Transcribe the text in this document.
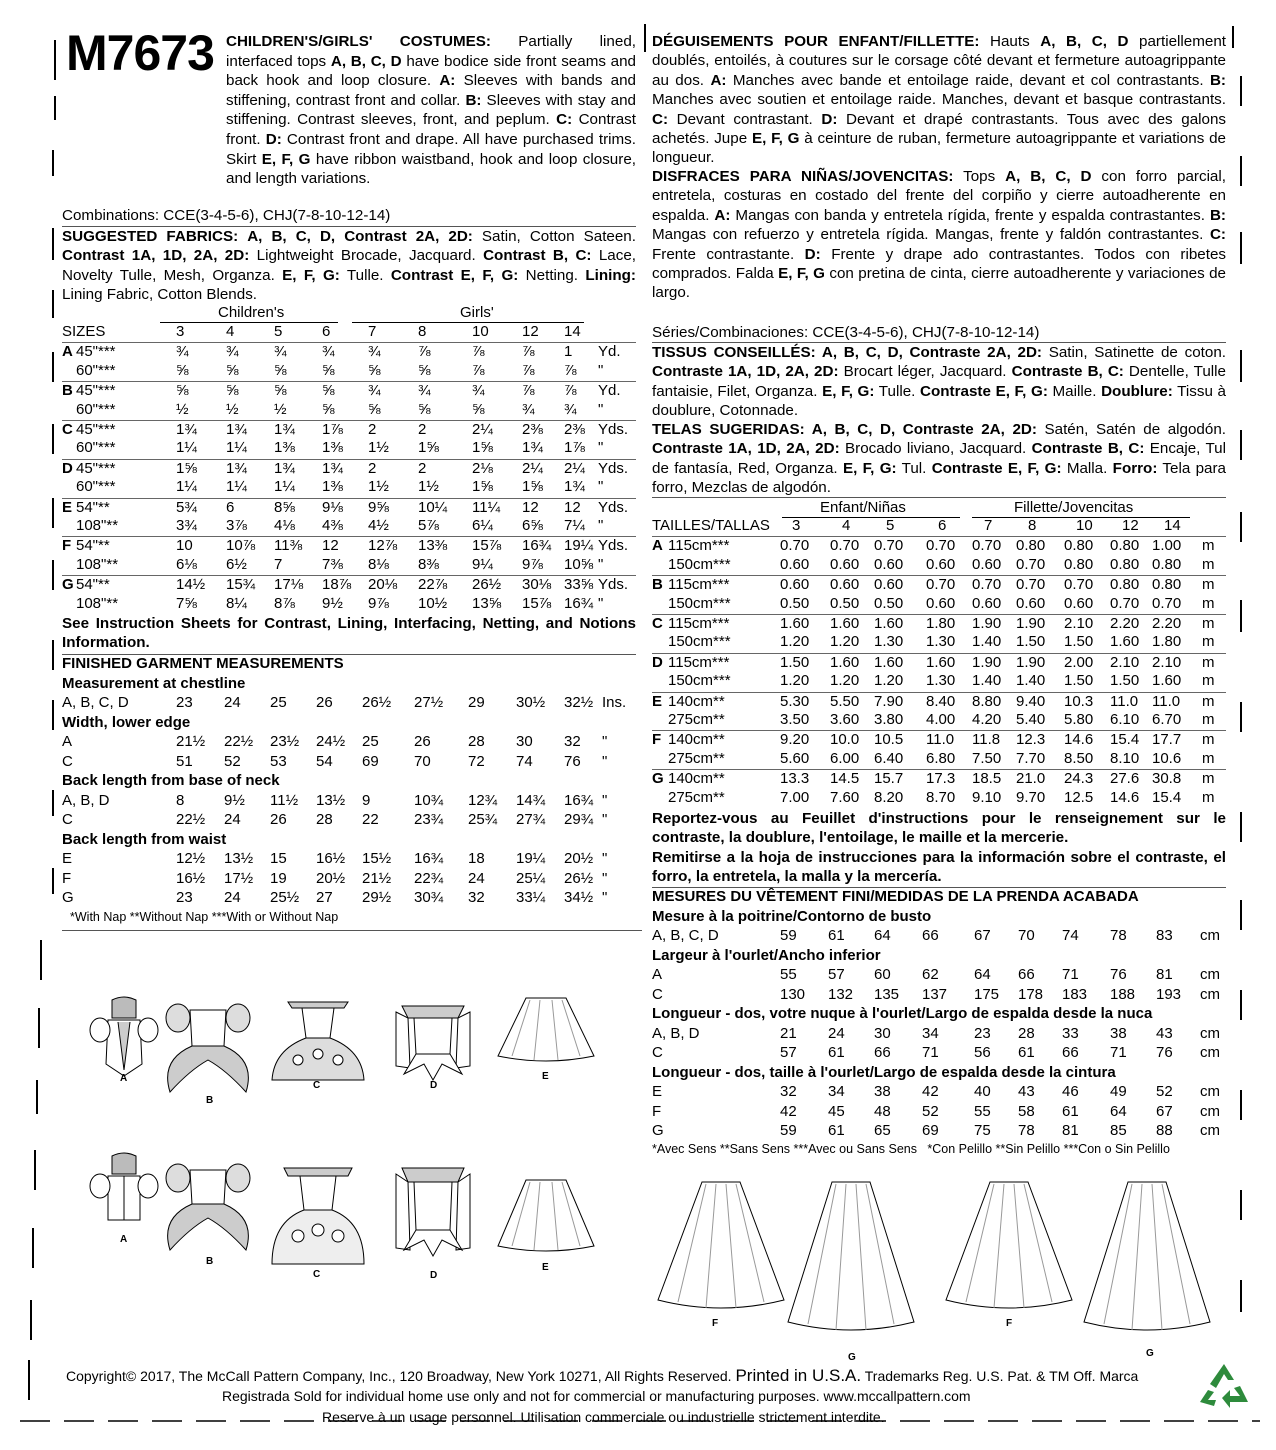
M7673 CHILDREN'S/GIRLS' COSTUMES: Partially lined, interfaced tops A, B, C, D have bodice side front seams and back hook and loop closure. A: Sleeves with bands and stiffening, contrast front and collar. B: Sleeves with stay and stiffening. Contrast sleeves, front, and peplum. C: Contrast front. D: Contrast front and drape. All have purchased trims. Skirt E, F, G have ribbon waistband, hook and loop closure, and length variations.
Combinations: CCE(3-4-5-6), CHJ(7-8-10-12-14)
SUGGESTED FABRICS: A, B, C, D, Contrast 2A, 2D: Satin, Cotton Sateen. Contrast 1A, 1D, 2A, 2D: Lightweight Brocade, Jacquard. Contrast B, C: Lace, Novelty Tulle, Mesh, Organza. E, F, G: Tulle. Contrast E, F, G: Netting. Lining: Lining Fabric, Cotton Blends.
Children's	Girls'
SIZES	3	4	5	6	7	8	10 12 14
A 45"***	¾ ¾ ¾ ¾ ¾ ⅞	⅞ ⅞ 1 Yd.
60"***	⅝ ⅝ ⅝ ⅝ ⅝ ⅝	⅞ ⅞ ⅞ "
B 45"***	⅝ ⅝ ⅝ ⅝ ¾ ¾	¾ ⅞ ⅞ Yd.
60"***	½ ½ ½ ⅝ ⅝ ⅝	⅝ ¾ ¾ "
C 45"***	1¾ 1¾ 1¾ 1⅞ 2	2	2¼ 2⅜ 2⅜ Yds.
60"***	1¼ 1¼ 1⅜ 1⅜ 1½ 1⅝ 1⅝ 1¾ 1⅞ "
D 45"***	1⅝ 1¾ 1¾ 1¾ 2	2	2⅛ 2¼ 2¼ Yds.
60"***	1¼ 1¼ 1¼ 1⅜ 1½ 1½ 1⅝ 1⅝ 1¾ "
E 54"**	5¾ 6	8⅝ 9⅛ 9⅝ 10¼ 11¼ 12 12 Yds.
108"**	3¾ 3⅞ 4⅛ 4⅜ 4½ 5⅞ 6¼ 6⅝ 7¼ "
F 54"**	10 10⅞ 11⅜ 12 12⅞ 13⅜ 15⅞ 16¾ 19¼ Yds.
108"**	6⅛ 6½ 7	7⅜ 8⅛ 8⅜ 9¼ 9⅞ 10⅝ "
G 54"**	14½ 15¾ 17⅛ 18⅞ 20⅛ 22⅞ 26½ 30⅛ 33⅝ Yds.
108"**	7⅝ 8¼ 8⅞ 9½ 9⅞ 10½ 13⅝ 15⅞ 16¾ "
See Instruction Sheets for Contrast, Lining, Interfacing, Netting, and Notions Information.
FINISHED GARMENT MEASUREMENTS
Measurement at chestline
A, B, C, D	23 24 25 26 26½ 27½ 29 30½ 32½ Ins.
Width, lower edge
A	21½ 22½ 23½ 24½ 25 26 28 30 32 "
C	51 52 53 54 69 70 72 74 76 "
Back length from base of neck
A, B, D	8	9½ 11½ 13½ 9	10¾ 12¾ 14¾ 16¾ "
C	22½ 24 26 28 22 23¾ 25¾ 27¾ 29¾ "
Back length from waist
E	12½ 13½ 15 16½ 15½ 16¾ 18 19¼ 20½ "
F	16½ 17½ 19 20½ 21½ 22¾ 24 25¼ 26½ "
G	23 24 25½ 27 29½ 30¾ 32 33¼ 34½ "
*With Nap **Without Nap ***With or Without Nap
DÉGUISEMENTS POUR ENFANT/FILLETTE: Hauts A, B, C, D partiellement doublés, entoilés, à coutures sur le corsage côté devant et fermeture autoagrippante au dos. A: Manches avec bande et entoilage raide, devant et col contrastants. B: Manches avec soutien et entoilage raide. Manches, devant et basque contrastants. C: Devant contrastant. D: Devant et drapé contrastants. Tous avec des galons achetés. Jupe E, F, G à ceinture de ruban, fermeture autoagrippante et variations de longueur.
DISFRACES PARA NIÑAS/JOVENCITAS: Tops A, B, C, D con forro parcial, entretela, costuras en costado del frente del corpiño y cierre autoadherente en espalda. A: Mangas con banda y entretela rígida, frente y espalda contrastantes. B: Mangas con refuerzo y entretela rígida. Mangas, frente y faldón contrastantes. C: Frente contrastante. D: Frente y drape ado contrastantes. Todos con ribetes comprados. Falda E, F, G con pretina de cinta, cierre autoadherente y variaciones de largo.
Séries/Combinaciones: CCE(3-4-5-6), CHJ(7-8-10-12-14)
TISSUS CONSEILLÉS: A, B, C, D, Contraste 2A, 2D: Satin, Satinette de coton. Contraste 1A, 1D, 2A, 2D: Brocart léger, Jacquard. Contraste B, C: Dentelle, Tulle fantaisie, Filet, Organza. E, F, G: Tulle. Contraste E, F, G: Maille. Doublure: Tissu à doublure, Cotonnade.
TELAS SUGERIDAS: A, B, C, D, Contraste 2A, 2D: Satén, Satén de algodón. Contraste 1A, 1D, 2A, 2D: Brocado liviano, Jacquard. Contraste B, C: Encaje, Tul de fantasía, Red, Organza. E, F, G: Tul. Contraste E, F, G: Malla. Forro: Tela para forro, Mezclas de algodón.
Enfant/Niñas	Fillette/Jovencitas
TAILLES/TALLAS 3	4 5	6	7 8	10 12 14
A 115cm***	0.70 0.70 0.70 0.70 0.70 0.80 0.80 0.80 1.00 m
150cm***	0.60 0.60 0.60 0.60 0.60 0.70 0.80 0.80 0.80 m
B 115cm***	0.60 0.60 0.60 0.70 0.70 0.70 0.70 0.80 0.80 m
150cm***	0.50 0.50 0.50 0.60 0.60 0.60 0.60 0.70 0.70 m
C 115cm***	1.60 1.60 1.60 1.80 1.90 1.90 2.10 2.20 2.20 m
150cm***	1.20 1.20 1.30 1.30 1.40 1.50 1.50 1.60 1.80 m
D 115cm***	1.50 1.60 1.60 1.60 1.90 1.90 2.00 2.10 2.10 m
150cm***	1.20 1.20 1.20 1.30 1.40 1.40 1.50 1.50 1.60 m
E 140cm**	5.30 5.50 7.90 8.40 8.80 9.40 10.3 11.0 11.0 m
275cm**	3.50 3.60 3.80 4.00 4.20 5.40 5.80 6.10 6.70 m
F 140cm**	9.20 10.0 10.5 11.0 11.8 12.3 14.6 15.4 17.7 m
275cm**	5.60 6.00 6.40 6.80 7.50 7.70 8.50 8.10 10.6 m
G 140cm**	13.3 14.5 15.7 17.3 18.5 21.0 24.3 27.6 30.8 m
275cm**	7.00 7.60 8.20 8.70 9.10 9.70 12.5 14.6 15.4 m
Reportez-vous au Feuillet d'instructions pour le renseignement sur le contraste, la doublure, l'entoilage, le maille et la mercerie.
Remitirse a la hoja de instrucciones para la información sobre el contraste, el forro, la entretela, la malla y la mercería.
MESURES DU VÊTEMENT FINI/MEDIDAS DE LA PRENDA ACABADA
Mesure à la poitrine/Contorno de busto
A, B, C, D	59 61 64 66 67 70 74 78 83 cm
Largeur à l'ourlet/Ancho inferior
A	55 57 60 62 64 66 71 76 81 cm
C	130 132 135 137 175 178 183 188 193 cm
Longueur - dos, votre nuque à l'ourlet/Largo de espalda desde la nuca
A, B, D	21 24 30 34 23 28 33 38 43 cm
C	57 61 66 71 56 61 66 71 76 cm
Longueur - dos, taille à l'ourlet/Largo de espalda desde la cintura
E	32 34 38 42 40 43 46 49 52 cm
F	42 45 48 52 55 58 61 64 67 cm
G	59 61 65 69 75 78 81 85 88 cm
*Avec Sens **Sans Sens ***Avec ou Sans Sens   *Con Pelillo **Sin Pelillo ***Con o Sin Pelillo
A
B
C	D
E
A
B
C	D
E
F
G
F
G
Copyright© 2017, The McCall Pattern Company, Inc., 120 Broadway, New York 10271, All Rights Reserved. Printed in U.S.A. Trademarks Reg. U.S. Pat. & TM Off. Marca
Registrada Sold for individual home use only and not for commercial or manufacturing purposes. www.mccallpattern.com
Reserve à un usage personnel. Utilisation commerciale ou industrielle strictement interdite.
